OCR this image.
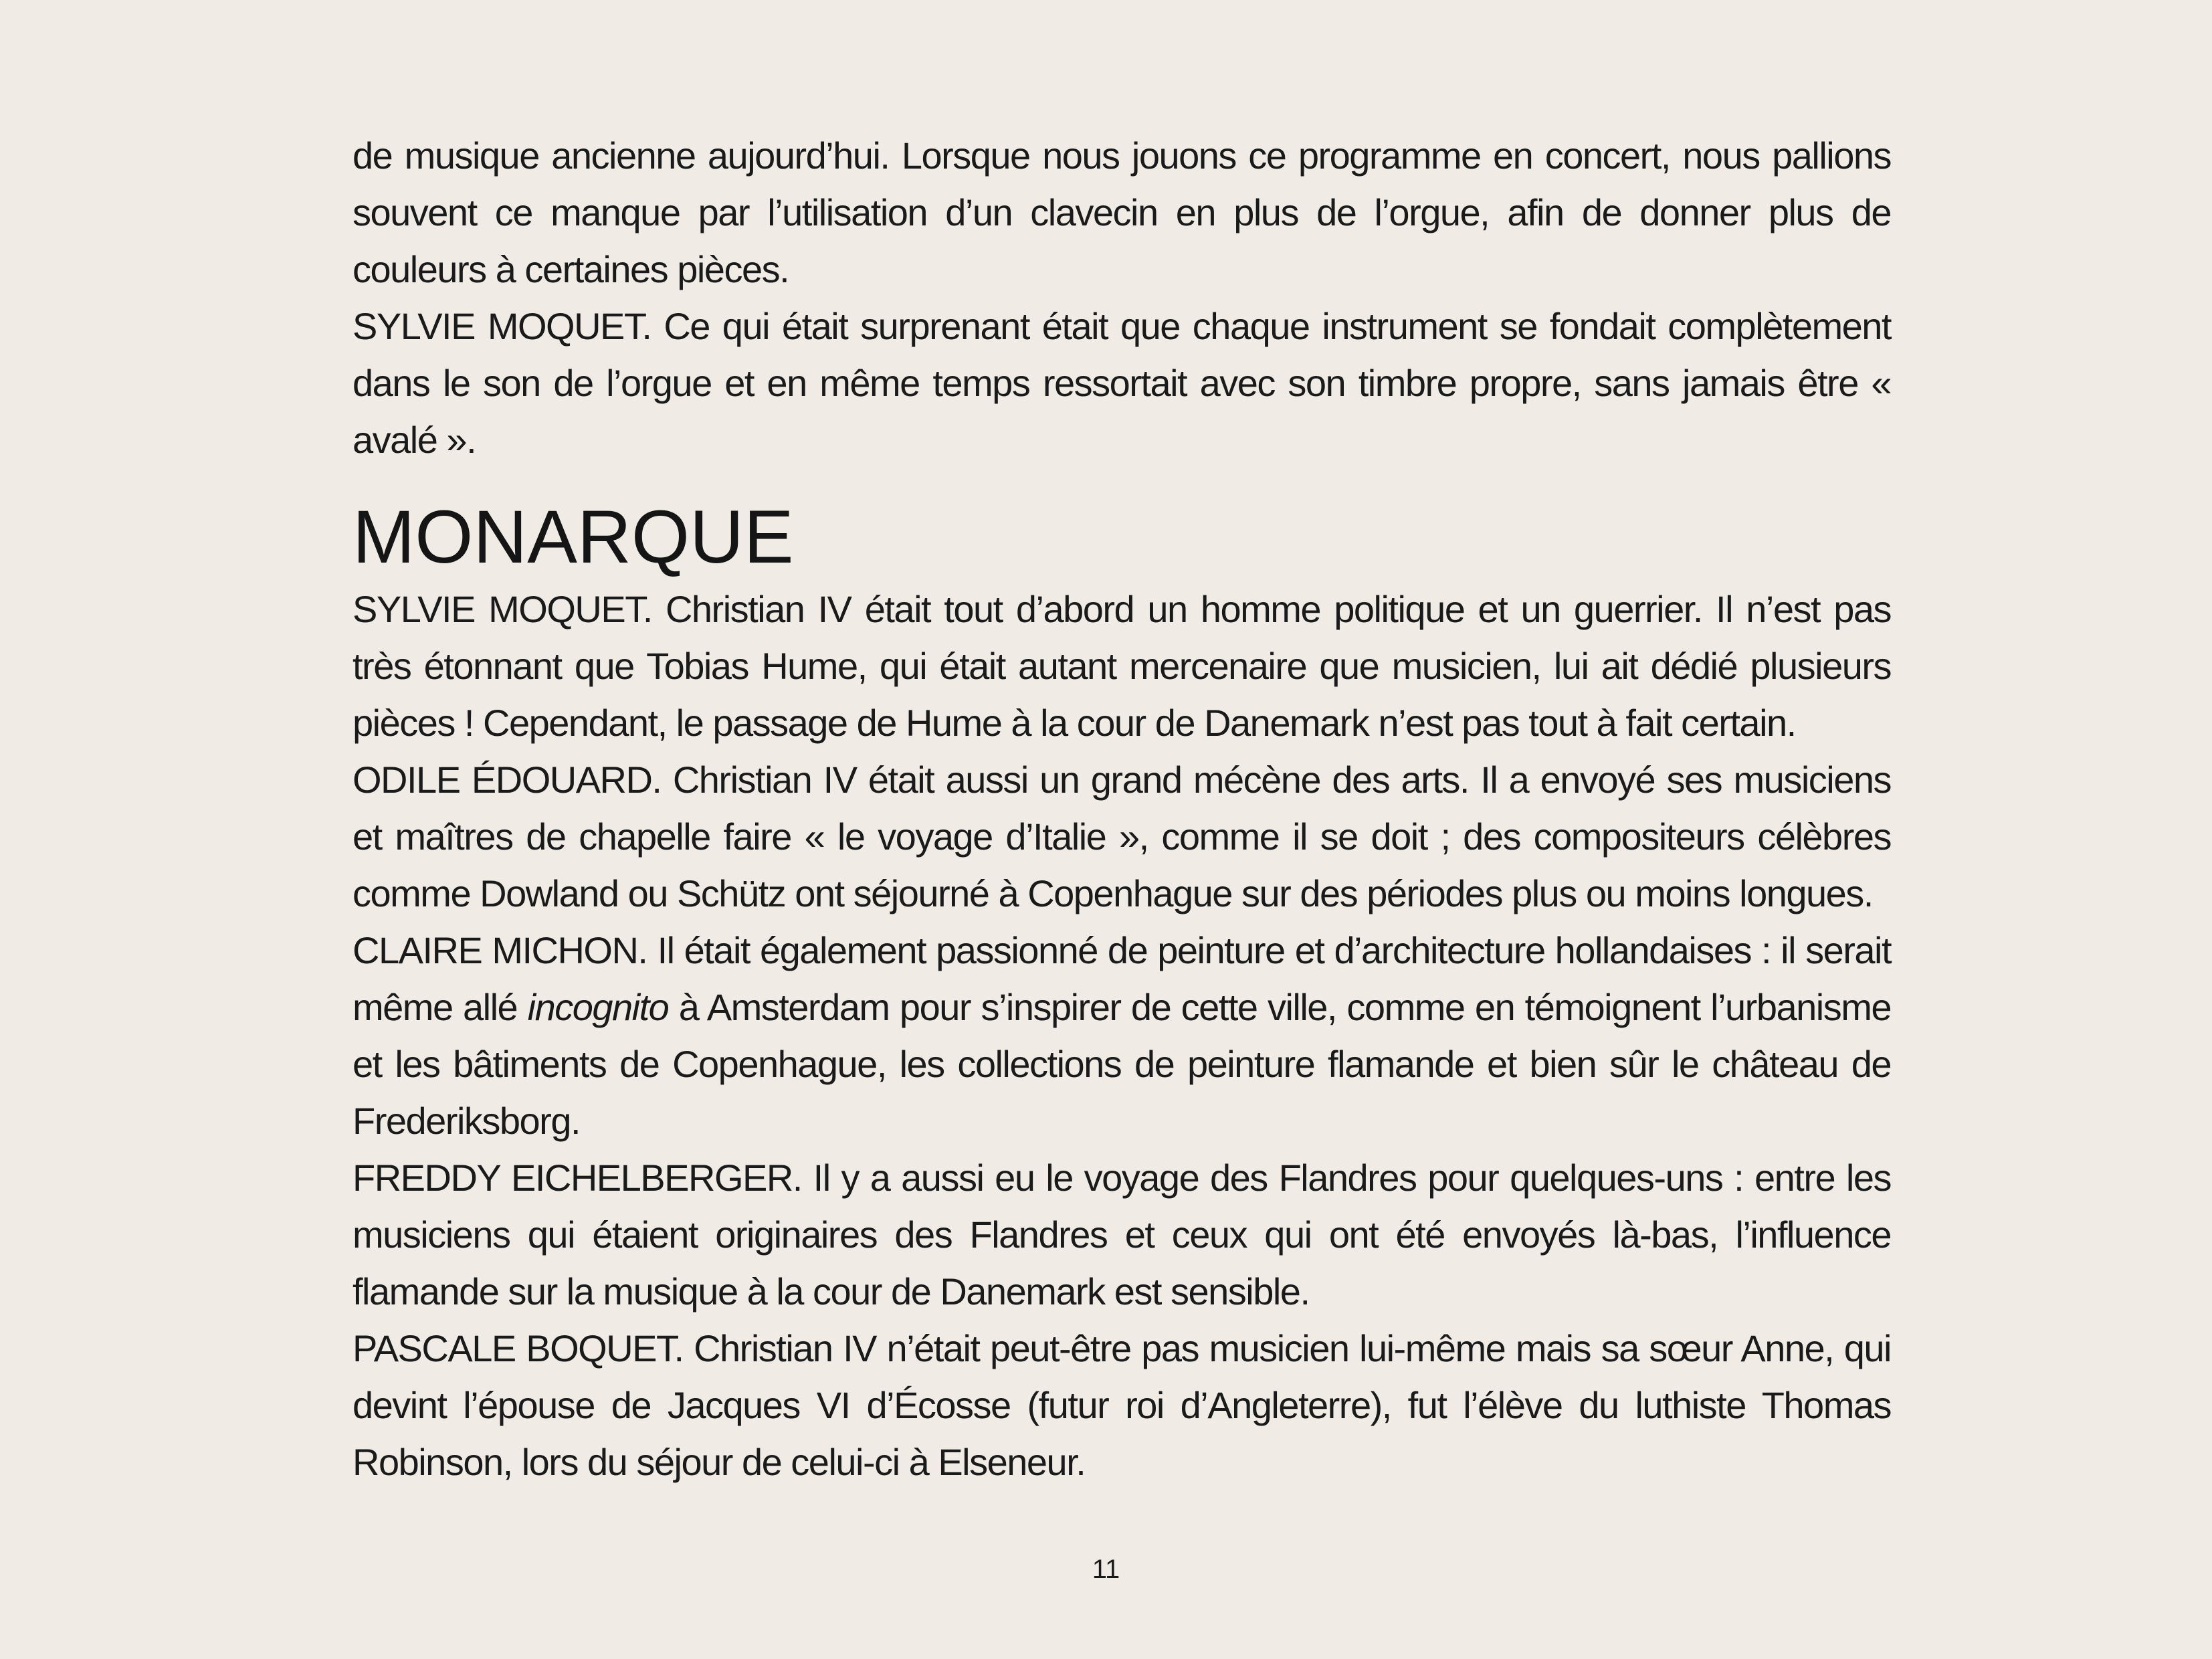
de musique ancienne aujourd’hui. Lorsque nous jouons ce programme en concert, nous pallions souvent ce manque par l’utilisation d’un clavecin en plus de l’orgue, afin de donner plus de couleurs à certaines pièces.

SYLVIE MOQUET. Ce qui était surprenant était que chaque instrument se fondait complètement dans le son de l’orgue et en même temps ressortait avec son timbre propre, sans jamais être « avalé ».

MONARQUE

SYLVIE MOQUET. Christian IV était tout d’abord un homme politique et un guerrier. Il n’est pas très étonnant que Tobias Hume, qui était autant mercenaire que musicien, lui ait dédié plusieurs pièces ! Cependant, le passage de Hume à la cour de Danemark n’est pas tout à fait certain.

ODILE ÉDOUARD. Christian IV était aussi un grand mécène des arts. Il a envoyé ses musiciens et maîtres de chapelle faire « le voyage d’Italie », comme il se doit ; des compositeurs célèbres comme Dowland ou Schütz ont séjourné à Copenhague sur des périodes plus ou moins longues.

CLAIRE MICHON. Il était également passionné de peinture et d’architecture hollandaises : il serait même allé incognito à Amsterdam pour s’inspirer de cette ville, comme en témoignent l’urbanisme et les bâtiments de Copenhague, les collections de peinture flamande et bien sûr le château de Frederiksborg.

FREDDY EICHELBERGER. Il y a aussi eu le voyage des Flandres pour quelques-uns : entre les musiciens qui étaient originaires des Flandres et ceux qui ont été envoyés là-bas, l’influence flamande sur la musique à la cour de Danemark est sensible.

PASCALE BOQUET. Christian IV n’était peut-être pas musicien lui-même mais sa sœur Anne, qui devint l’épouse de Jacques VI d’Écosse (futur roi d’Angleterre), fut l’élève du luthiste Thomas Robinson, lors du séjour de celui-ci à Elseneur.

11
